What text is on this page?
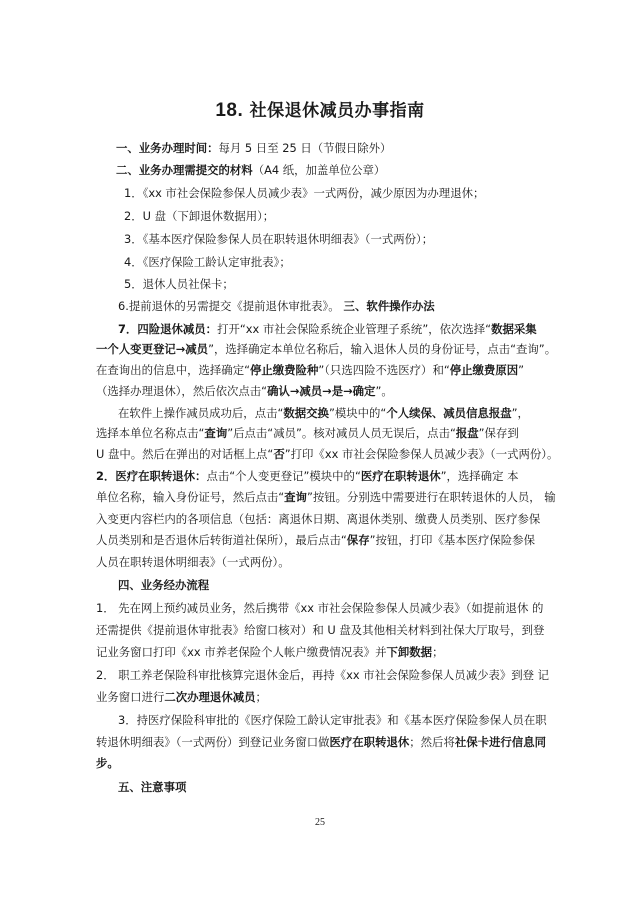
18. 社保退休减员办事指南
一、业务办理时间：每月 5 日至 25 日（节假日除外）
二、业务办理需提交的材料（A4 纸，加盖单位公章）
1．《xx 市社会保险参保人员减少表》一式两份，减少原因为办理退休；
2．U 盘（下卸退休数据用）；
3．《基本医疗保险参保人员在职转退休明细表》（一式两份）；
4．《医疗保险工龄认定审批表》；
5．退休人员社保卡；
6.提前退休的另需提交《提前退休审批表》。 三、软件操作办法
7．四险退休减员：打开“xx 市社会保险系统企业管理子系统”，依次选择“数据采集
一个人变更登记→减员”，选择确定本单位名称后，输入退休人员的身份证号，点击“查询”。
在查询出的信息中，选择确定“停止缴费险种”（只选四险不选医疗）和“停止缴费原因”
（选择办理退休），然后依次点击“确认→减员→是→确定”。
在软件上操作减员成功后，点击“数据交换”模块中的“个人续保、减员信息报盘”，
选择本单位名称点击“查询”后点击“减员”。核对减员人员无误后，点击“报盘”保存到
U 盘中。然后在弹出的对话框上点“否”打印《xx 市社会保险参保人员减少表》（一式两份）。
2．医疗在职转退休：点击“个人变更登记”模块中的“医疗在职转退休”，选择确定 本
单位名称，输入身份证号，然后点击“查询”按钮。分别选中需要进行在职转退休的人员， 输
入变更内容栏内的各项信息（包括：离退休日期、离退休类别、缴费人员类别、医疗参保
人员类别和是否退休后转街道社保所），最后点击“保存”按钮，打印《基本医疗保险参保
人员在职转退休明细表》（一式两份）。
四、业务经办流程
1． 先在网上预约减员业务，然后携带《xx 市社会保险参保人员减少表》（如提前退休 的
还需提供《提前退休审批表》给窗口核对）和 U 盘及其他相关材料到社保大厅取号，到登
记业务窗口打印《xx 市养老保险个人帐户缴费情况表》并下卸数据；
2． 职工养老保险科审批核算完退休金后，再持《xx 市社会保险参保人员减少表》到登 记
业务窗口进行二次办理退休减员；
3．持医疗保险科审批的《医疗保险工龄认定审批表》和《基本医疗保险参保人员在职
转退休明细表》（一式两份）到登记业务窗口做医疗在职转退休；然后将社保卡进行信息同
步。
五、注意事项
25
